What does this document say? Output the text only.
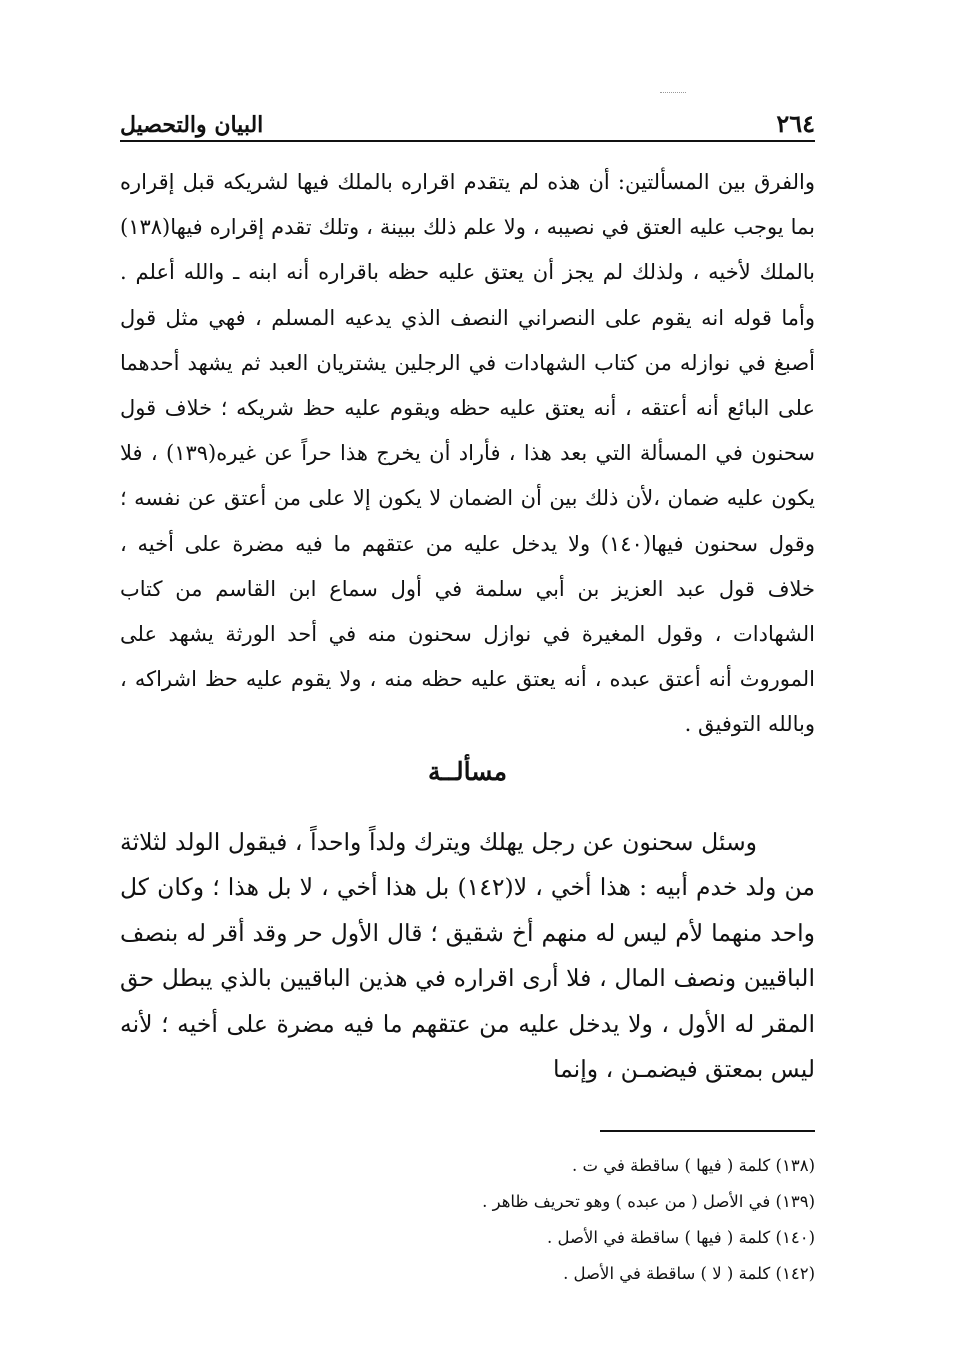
٢٦٤
البيان والتحصيل

والفرق بين المسألتين: أن هذه لم يتقدم اقراره بالملك فيها لشريكه قبل إقراره بما يوجب عليه العتق في نصيبه ، ولا علم ذلك ببينة ، وتلك تقدم إقراره فيها(١٣٨) بالملك لأخيه ، ولذلك لم يجز أن يعتق عليه حظه باقراره أنه ابنه ـ والله أعلم . وأما قوله انه يقوم على النصراني النصف الذي يدعيه المسلم ، فهي مثل قول أصبغ في نوازله من كتاب الشهادات في الرجلين يشتريان العبد ثم يشهد أحدهما على البائع أنه أعتقه ، أنه يعتق عليه حظه ويقوم عليه حظ شريكه ؛ خلاف قول سحنون في المسألة التي بعد هذا ، فأراد أن يخرج هذا حراً عن غيره(١٣٩) ، فلا يكون عليه ضمان ،لأن ذلك بين أن الضمان لا يكون إلا على من أعتق عن نفسه ؛ وقول سحنون فيها(١٤٠) ولا يدخل عليه من عتقهم ما فيه مضرة على أخيه ، خلاف قول عبد العزيز بن أبي سلمة في أول سماع ابن القاسم من كتاب الشهادات ، وقول المغيرة في نوازل سحنون منه في أحد الورثة يشهد على الموروث أنه أعتق عبده ، أنه يعتق عليه حظه منه ، ولا يقوم عليه حظ اشراكه ، وبالله التوفيق .

مسألــة

وسئل سحنون عن رجل يهلك ويترك ولداً واحداً ، فيقول الولد لثلاثة من ولد خدم أبيه : هذا أخي ، لا(١٤٢) بل هذا أخي ، لا بل هذا ؛ وكان كل واحد منهما لأم ليس له منهم أخ شقيق ؛ قال الأول حر وقد أقر له بنصف الباقيين ونصف المال ، فلا أرى اقراره في هذين الباقيين بالذي يبطل حق المقر له الأول ، ولا يدخل عليه من عتقهم ما فيه مضرة على أخيه ؛ لأنه ليس بمعتق فيضمـن ، وإنما

(١٣٨) كلمة ( فيها ) ساقطة في ت .
(١٣٩) في الأصل ( من عبده ) وهو تحريف ظاهر .
(١٤٠) كلمة ( فيها ) ساقطة في الأصل .
(١٤٢) كلمة ( لا ) ساقطة في الأصل .
